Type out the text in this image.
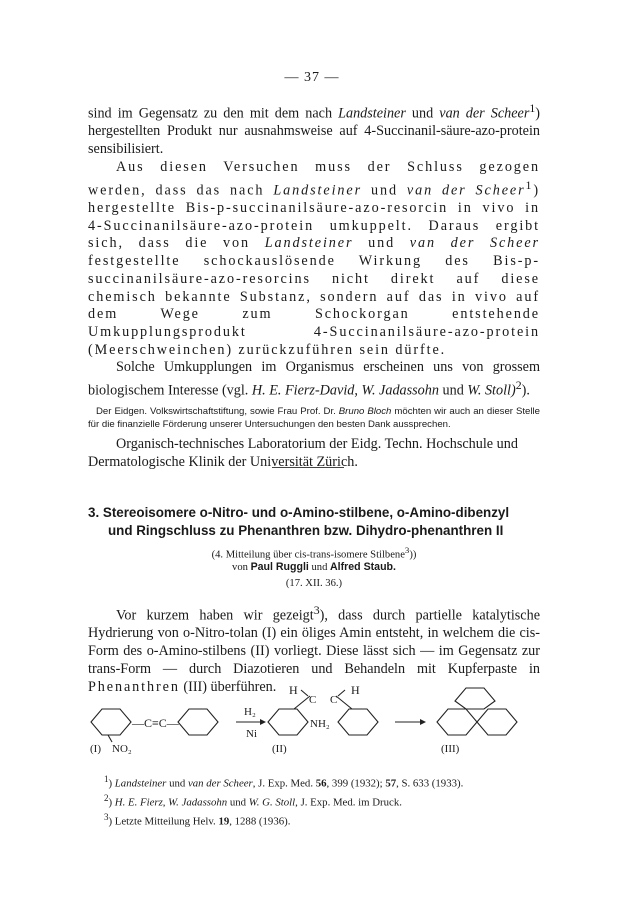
— 37 —

sind im Gegensatz zu den mit dem nach Landsteiner und van der Scheer$^1$) hergestellten Produkt nur ausnahmsweise auf 4-Succinanil-säure-azo-protein sensibilisiert.

Aus diesen Versuchen muss der Schluss gezogen werden, dass das nach Landsteiner und van der Scheer$^1$) hergestellte Bis-p-succinanilsäure-azo-resorcin in vivo in 4-Succinanilsäure-azo-protein umkuppelt. Daraus ergibt sich, dass die von Landsteiner und van der Scheer festgestellte schockauslösende Wirkung des Bis-p-succinanilsäure-azo-resorcins nicht direkt auf diese chemisch bekannte Substanz, sondern auf das in vivo auf dem Wege zum Schockorgan entstehende Umkupplungsprodukt 4-Succinanilsäure-azo-protein (Meerschweinchen) zurückzuführen sein dürfte.

Solche Umkupplungen im Organismus erscheinen uns von grossem biologischem Interesse (vgl. H. E. Fierz-David, W. Jadassohn und W. Stoll)$^2$).

Der Eidgen. Volkswirtschaftstiftung, sowie Frau Prof. Dr. Bruno Bloch möchten wir auch an dieser Stelle für die finanzielle Förderung unserer Untersuchungen den besten Dank aussprechen.

Organisch-technisches Laboratorium der Eidg. Techn. Hochschule und Dermatologische Klinik der Universität Zürich.

3. Stereoisomere o-Nitro- und o-Amino-stilbene, o-Amino-dibenzyl
und Ringschluss zu Phenanthren bzw. Dihydro-phenanthren II
(4. Mitteilung über cis-trans-isomere Stilbene$^3$))
von Paul Ruggli und Alfred Staub.
(17. XII. 36.)

Vor kurzem haben wir gezeigt$^3$), dass durch partielle katalytische Hydrierung von o-Nitro-tolan (I) ein öliges Amin entsteht, in welchem die cis-Form des o-Amino-stilbens (II) vorliegt. Diese lässt sich — im Gegensatz zur trans-Form — durch Diazotieren und Behandeln mit Kupferpaste in Phenanthren (III) überführen.

—C≡C—
NO₂
(I)
H₂
Ni
NH₂
H	H
C C
(II)	(III)
$^1$) Landsteiner und van der Scheer, J. Exp. Med. 56, 399 (1932); 57, S. 633 (1933).
$^2$) H. E. Fierz, W. Jadassohn und W. G. Stoll, J. Exp. Med. im Druck.
$^3$) Letzte Mitteilung Helv. 19, 1288 (1936).
